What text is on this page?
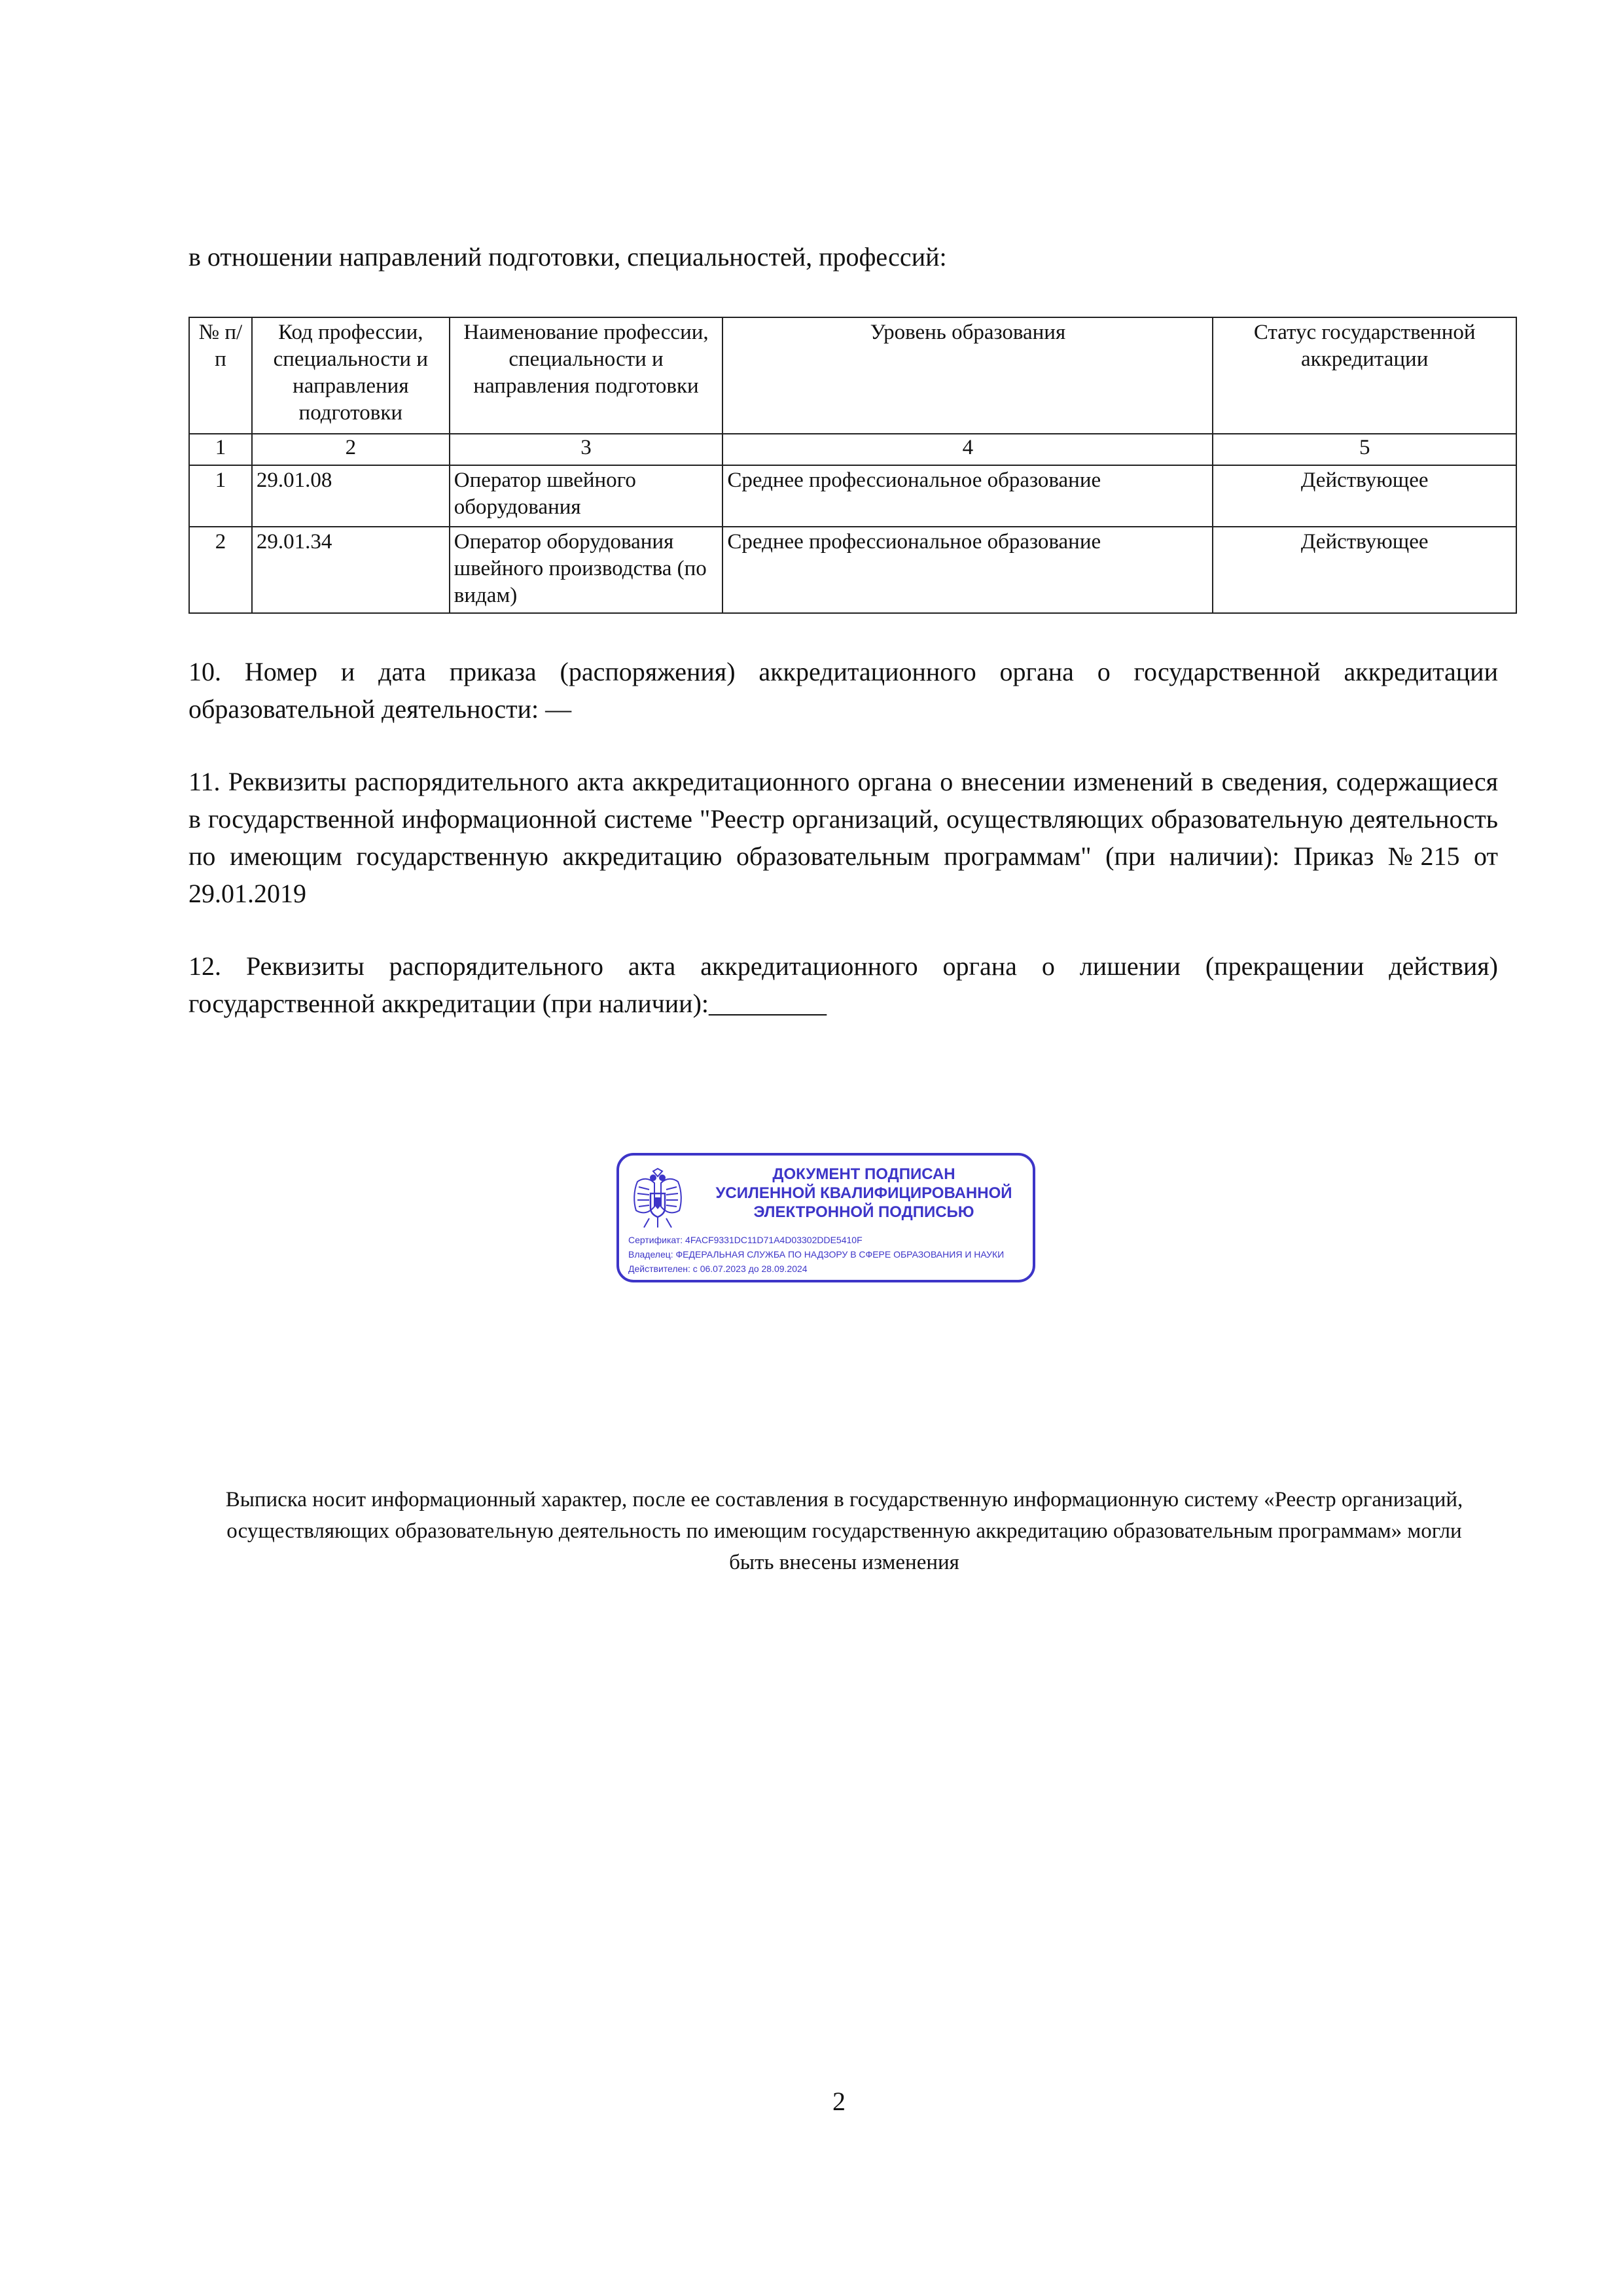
в отношении направлений подготовки, специальностей, профессий:
№ п/п	Код профессии, специальности и направления подготовки	Наименование профессии, специальности и направления подготовки	Уровень образования	Статус государственной аккредитации
1	2	3	4	5
1	29.01.08	Оператор швейного оборудования	Среднее профессиональное образование	Действующее
2	29.01.34	Оператор оборудования швейного производства (по видам)	Среднее профессиональное образование	Действующее
10. Номер и дата приказа (распоряжения) аккредитационного органа о государственной аккредитации образовательной деятельности: —
11. Реквизиты распорядительного акта аккредитационного органа о внесении изменений в сведения, содержащиеся в государственной информационной системе "Реестр организаций, осуществляющих образовательную деятельность по имеющим государственную аккредитацию образовательным программам" (при наличии): Приказ №215 от 29.01.2019
12. Реквизиты распорядительного акта аккредитационного органа о лишении (прекращении действия) государственной аккредитации (при наличии):_________
ДОКУМЕНТ ПОДПИСАН
УСИЛЕННОЙ КВАЛИФИЦИРОВАННОЙ
ЭЛЕКТРОННОЙ ПОДПИСЬЮ
Сертификат: 4FACF9331DC11D71A4D03302DDE5410F
Владелец: ФЕДЕРАЛЬНАЯ СЛУЖБА ПО НАДЗОРУ В СФЕРЕ ОБРАЗОВАНИЯ И НАУКИ
Действителен: с 06.07.2023 до 28.09.2024
Выписка носит информационный характер, после ее составления в государственную информационную систему «Реестр организаций, осуществляющих образовательную деятельность по имеющим государственную аккредитацию образовательным программам» могли быть внесены изменения
2
